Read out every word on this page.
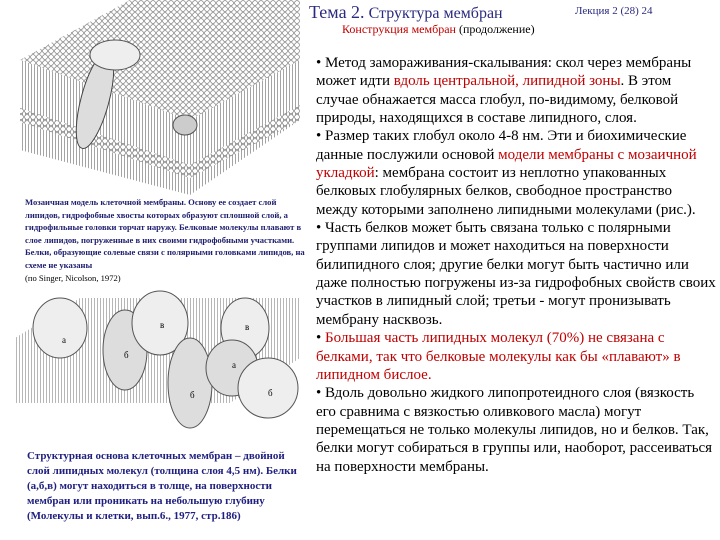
Тема 2. Структура мембран	Лекция 2 (28) 24
Конструкция мембран (продолжение)
Мозаичная модель клеточной мембраны. Основу ее создает слой липидов, гидрофобные хвосты которых образуют сплошной слой, а гидрофильные головки торчат наружу. Белковые молекулы плавают в слое липидов, погруженные в них своими гидрофобными участками. Белки, образующие солевые связи с полярными головками липидов, на схеме не указаны
(по Singer, Nicolson, 1972)
а
б
в
б
в
а
б
Структурная основа клеточных мембран – двойной слой липидных молекул (толщина слоя 4,5 нм). Белки (а,б,в) могут находиться в толще, на поверхности мембран или проникать на небольшую глубину (Молекулы и клетки, вып.6., 1977, стр.186)

• Метод замораживания-скалывания: скол через мембраны может идти вдоль центральной, липидной зоны. В этом случае обнажается масса глобул, по-видимому, белковой природы, находящихся в составе липидного, слоя.

• Размер таких глобул около 4-8 нм. Эти и биохимические данные послужили основой модели мембраны с мозаичной укладкой: мембрана состоит из неплотно упакованных белковых глобулярных белков, свободное пространство между которыми заполнено липидными молекулами (рис.).

• Часть белков может быть связана только с полярными группами липидов и может находиться на поверхности билипидного слоя; другие белки могут быть частично или даже полностью погружены из-за гидрофобных свойств своих участков в липидный слой; третьи - могут пронизывать мембрану насквозь.

• Большая часть липидных молекул (70%) не связана с белками, так что белковые молекулы как бы «плавают» в липидном бислое.

• Вдоль довольно жидкого липопротеидного слоя (вязкость его сравнима с вязкостью оливкового масла) могут перемещаться не только молекулы липидов, но и белков. Так, белки могут собираться в группы или, наоборот, рассеиваться на поверхности мембраны.
